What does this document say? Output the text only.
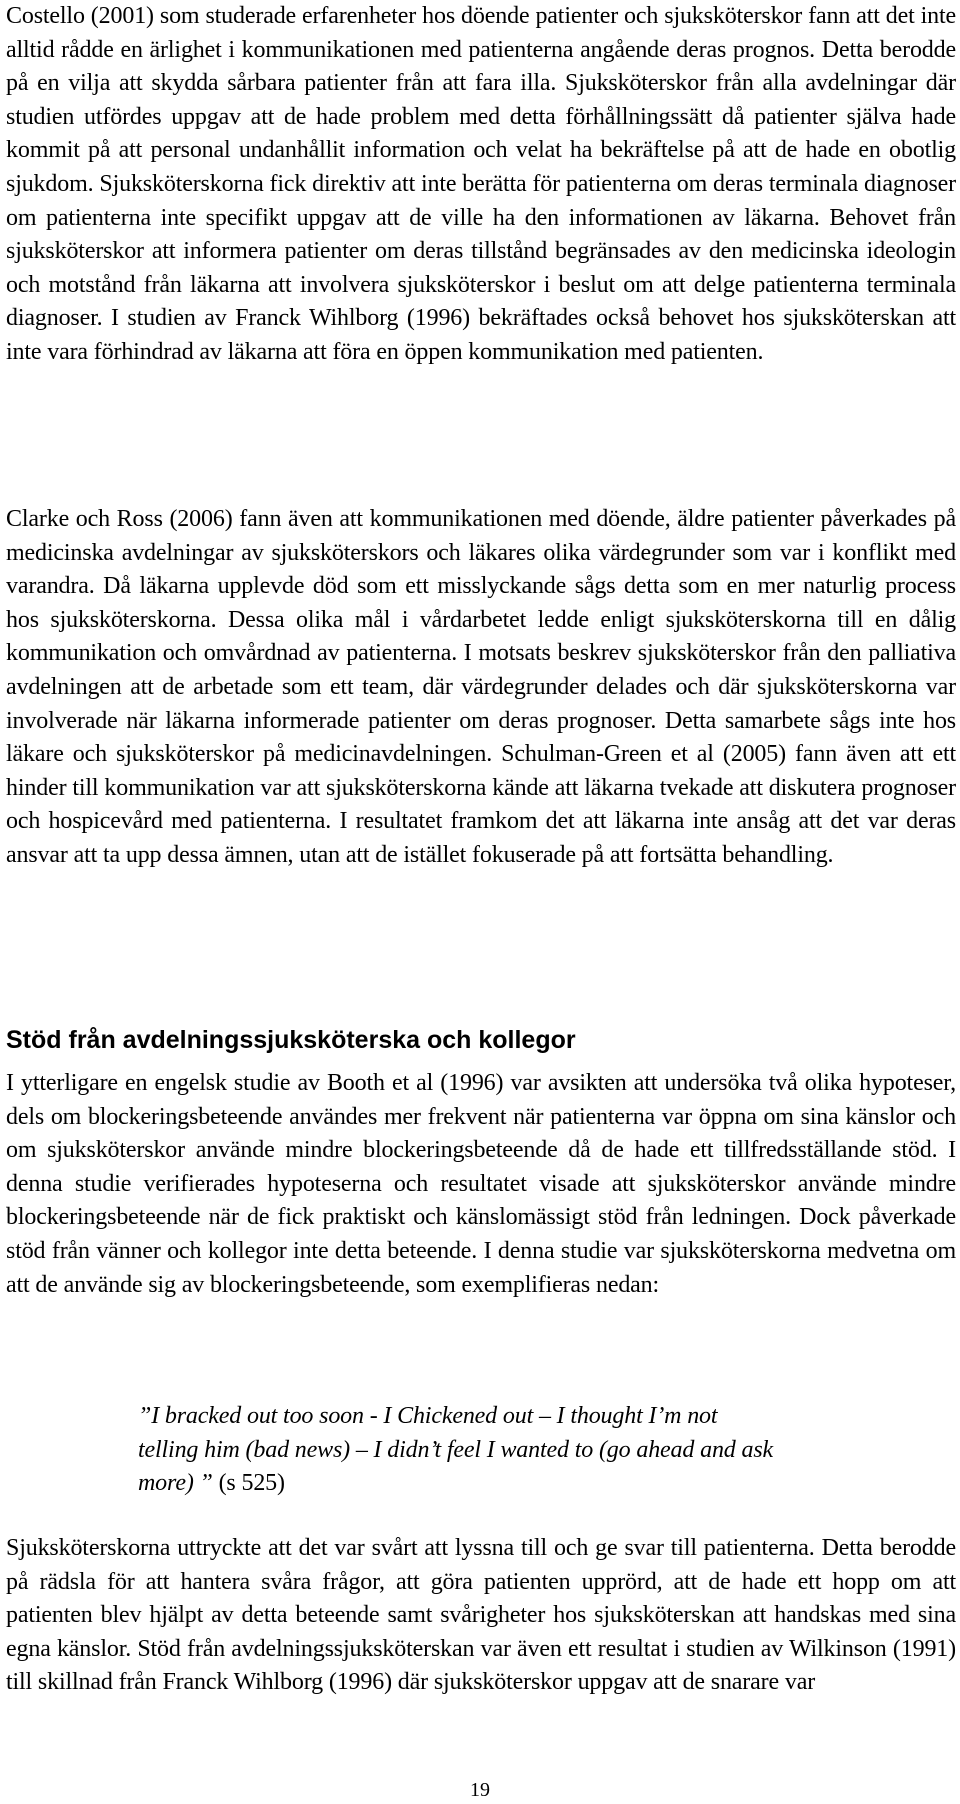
Costello (2001) som studerade erfarenheter hos döende patienter och sjuksköterskor fann att det inte alltid rådde en ärlighet i kommunikationen med patienterna angående deras prognos. Detta berodde på en vilja att skydda sårbara patienter från att fara illa. Sjuksköterskor från alla avdelningar där studien utfördes uppgav att de hade problem med detta förhållningssätt då patienter själva hade kommit på att personal undanhållit information och velat ha bekräftelse på att de hade en obotlig sjukdom. Sjuksköterskorna fick direktiv att inte berätta för patienterna om deras terminala diagnoser om patienterna inte specifikt uppgav att de ville ha den informationen av läkarna. Behovet från sjuksköterskor att informera patienter om deras tillstånd begränsades av den medicinska ideologin och motstånd från läkarna att involvera sjuksköterskor i beslut om att delge patienterna terminala diagnoser. I studien av Franck Wihlborg (1996) bekräftades också behovet hos sjuksköterskan att inte vara förhindrad av läkarna att föra en öppen kommunikation med patienten.

Clarke och Ross (2006) fann även att kommunikationen med döende, äldre patienter påverkades på medicinska avdelningar av sjuksköterskors och läkares olika värdegrunder som var i konflikt med varandra. Då läkarna upplevde död som ett misslyckande sågs detta som en mer naturlig process hos sjuksköterskorna. Dessa olika mål i vårdarbetet ledde enligt sjuksköterskorna till en dålig kommunikation och omvårdnad av patienterna. I motsats beskrev sjuksköterskor från den palliativa avdelningen att de arbetade som ett team, där värdegrunder delades och där sjuksköterskorna var involverade när läkarna informerade patienter om deras prognoser. Detta samarbete sågs inte hos läkare och sjuksköterskor på medicinavdelningen. Schulman-Green et al (2005) fann även att ett hinder till kommunikation var att sjuksköterskorna kände att läkarna tvekade att diskutera prognoser och hospicevård med patienterna. I resultatet framkom det att läkarna inte ansåg att det var deras ansvar att ta upp dessa ämnen, utan att de istället fokuserade på att fortsätta behandling.

Stöd från avdelningssjuksköterska och kollegor

I ytterligare en engelsk studie av Booth et al (1996) var avsikten att undersöka två olika hypoteser, dels om blockeringsbeteende användes mer frekvent när patienterna var öppna om sina känslor och om sjuksköterskor använde mindre blockeringsbeteende då de hade ett tillfredsställande stöd. I denna studie verifierades hypoteserna och resultatet visade att sjuksköterskor använde mindre blockeringsbeteende när de fick praktiskt och känslomässigt stöd från ledningen. Dock påverkade stöd från vänner och kollegor inte detta beteende. I denna studie var sjuksköterskorna medvetna om att de använde sig av blockeringsbeteende, som exemplifieras nedan:

”I bracked out too soon - I Chickened out – I thought I’m not telling him (bad news) – I didn’t feel I wanted to (go ahead and ask more) ” (s 525)

Sjuksköterskorna uttryckte att det var svårt att lyssna till och ge svar till patienterna. Detta berodde på rädsla för att hantera svåra frågor, att göra patienten upprörd, att de hade ett hopp om att patienten blev hjälpt av detta beteende samt svårigheter hos sjuksköterskan att handskas med sina egna känslor. Stöd från avdelningssjuksköterskan var även ett resultat i studien av Wilkinson (1991) till skillnad från Franck Wihlborg (1996) där sjuksköterskor uppgav att de snarare var

19
